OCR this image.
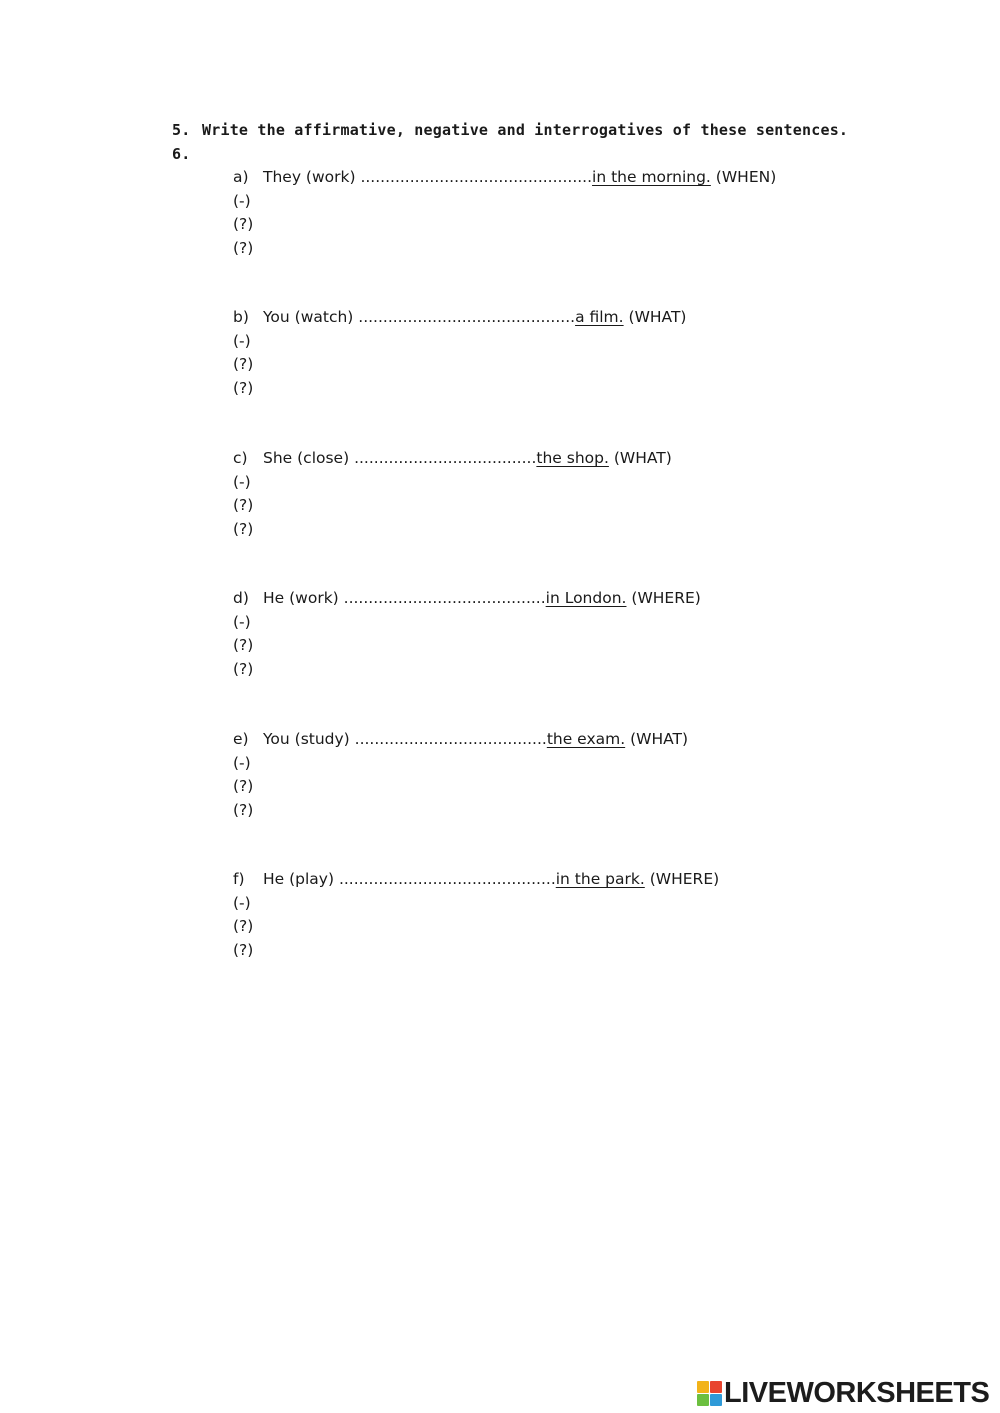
5. Write the affirmative, negative and interrogatives of these sentences.
6.
a) They (work) ...............................................in the morning. (WHEN)
(-)
(?)
(?)
b) You (watch) ............................................a film. (WHAT)
(-)
(?)
(?)
c) She (close) .....................................the shop. (WHAT)
(-)
(?)
(?)
d) He (work) .........................................in London. (WHERE)
(-)
(?)
(?)
e) You (study) .......................................the exam. (WHAT)
(-)
(?)
(?)
f) He (play) ............................................in the park. (WHERE)
(-)
(?)
(?)
LIVEWORKSHEETS
